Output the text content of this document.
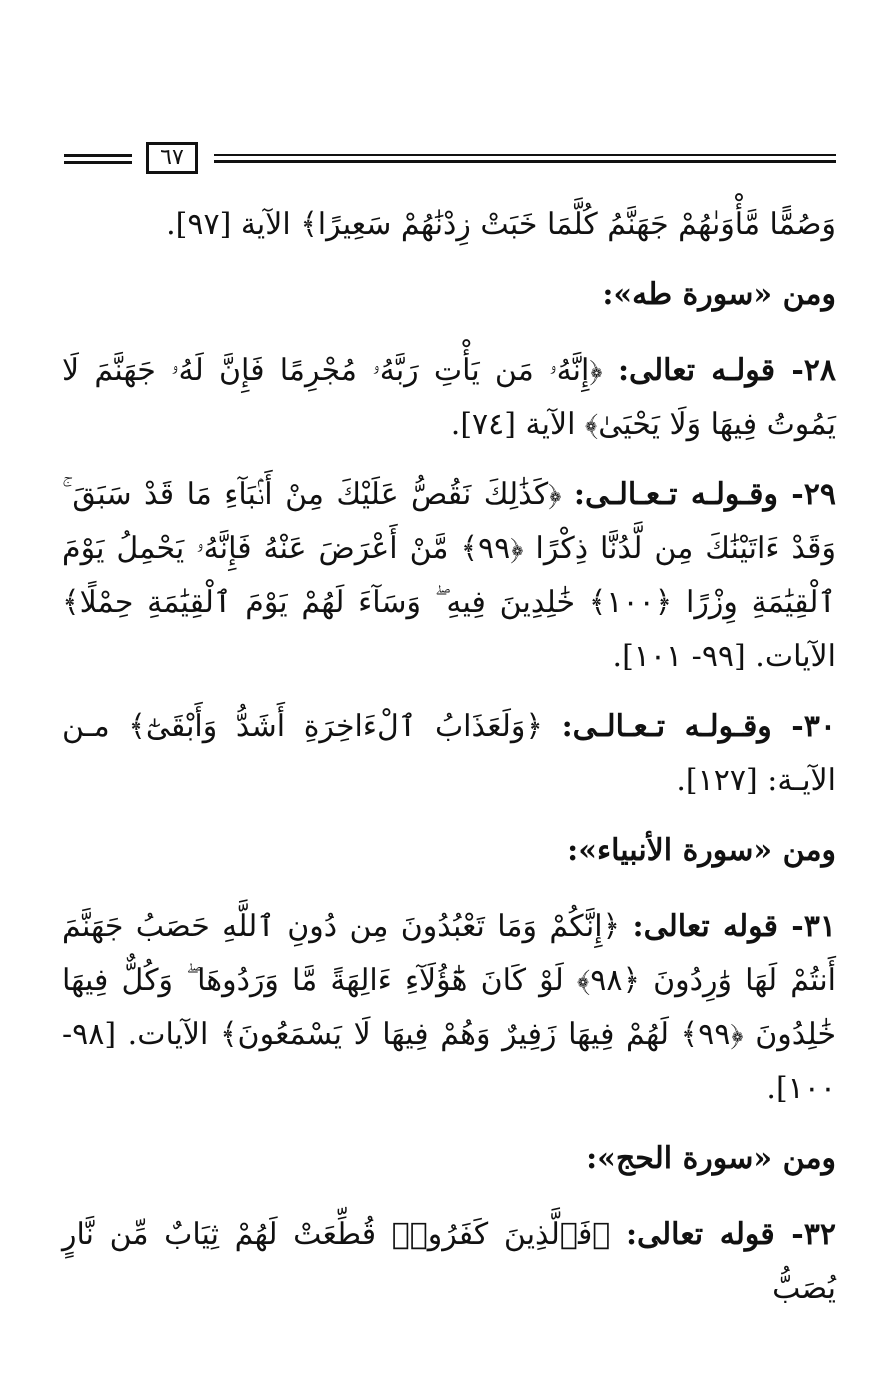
٦٧

وَصُمًّا مَّأْوَىٰهُمْ جَهَنَّمُ كُلَّمَا خَبَتْ زِدْنَٰهُمْ سَعِيرًا﴾ الآية [٩٧].

ومن «سورة طه»:

٢٨- قولـه تعالى: ﴿إِنَّهُۥ مَن يَأْتِ رَبَّهُۥ مُجْرِمًا فَإِنَّ لَهُۥ جَهَنَّمَ لَا يَمُوتُ فِيهَا وَلَا يَحْيَىٰ﴾ الآية [٧٤].

٢٩- وقـولـه تـعـالـى: ﴿كَذَٰلِكَ نَقُصُّ عَلَيْكَ مِنْ أَنۢبَآءِ مَا قَدْ سَبَقَ ۚ وَقَدْ ءَاتَيْنَٰكَ مِن لَّدُنَّا ذِكْرًا ﴿٩٩﴾ مَّنْ أَعْرَضَ عَنْهُ فَإِنَّهُۥ يَحْمِلُ يَوْمَ ٱلْقِيَٰمَةِ وِزْرًا ﴿١٠٠﴾ خَٰلِدِينَ فِيهِ ۖ وَسَآءَ لَهُمْ يَوْمَ ٱلْقِيَٰمَةِ حِمْلًا﴾ الآيات. [٩٩- ١٠١].

٣٠- وقـولـه تـعـالـى: ﴿وَلَعَذَابُ ٱلْءَاخِرَةِ أَشَدُّ وَأَبْقَىٰٓ﴾ مـن الآيـة: [١٢٧].

ومن «سورة الأنبياء»:

٣١- قوله تعالى: ﴿إِنَّكُمْ وَمَا تَعْبُدُونَ مِن دُونِ ٱللَّهِ حَصَبُ جَهَنَّمَ أَنتُمْ لَهَا وَٰرِدُونَ ﴿٩٨﴾ لَوْ كَانَ هَٰٓؤُلَآءِ ءَالِهَةً مَّا وَرَدُوهَا ۖ وَكُلٌّ فِيهَا خَٰلِدُونَ ﴿٩٩﴾ لَهُمْ فِيهَا زَفِيرٌ وَهُمْ فِيهَا لَا يَسْمَعُونَ﴾ الآيات. [٩٨- ١٠٠].

ومن «سورة الحج»:

٣٢- قوله تعالى: ﴿فَٱلَّذِينَ كَفَرُوا۟ قُطِّعَتْ لَهُمْ ثِيَابٌ مِّن نَّارٍ يُصَبُّ
